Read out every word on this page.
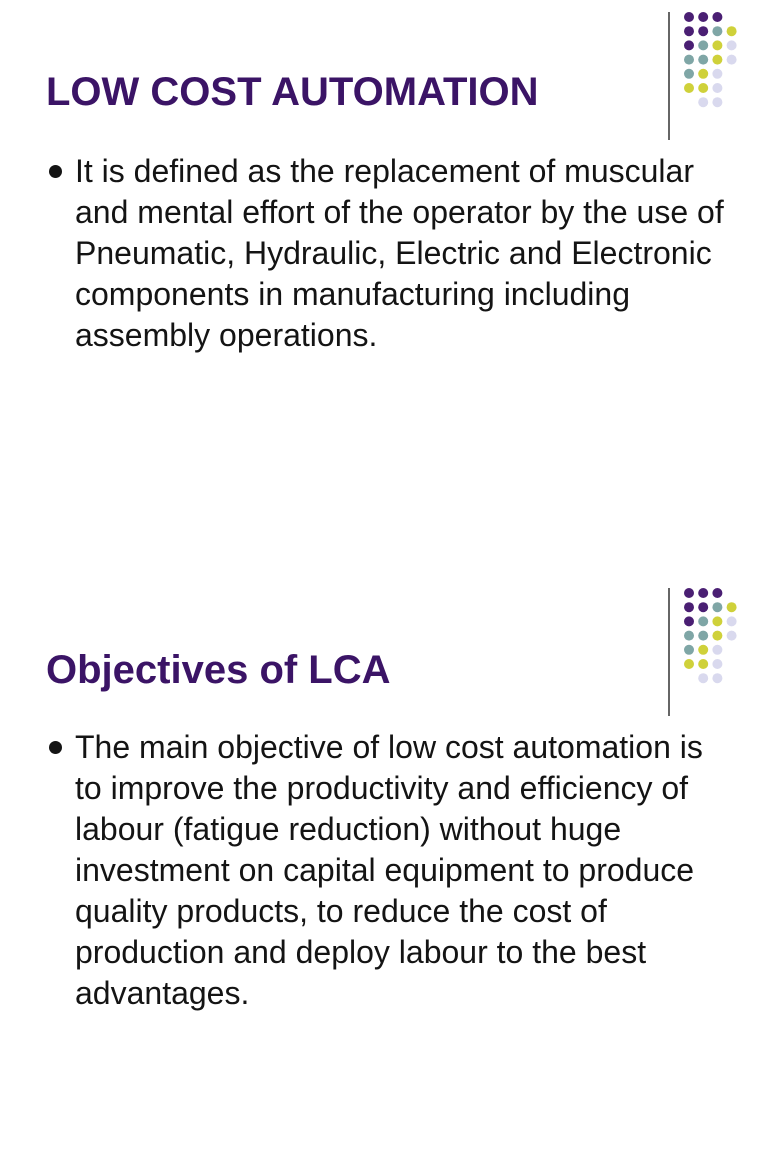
LOW COST AUTOMATION
It is defined as the replacement of muscular and mental effort of the operator by the use of Pneumatic, Hydraulic, Electric and Electronic components in manufacturing including assembly operations.
Objectives of LCA
The main objective of low cost automation is to improve the productivity and efficiency of labour (fatigue reduction) without huge investment on capital equipment to produce quality products, to reduce the cost of production and deploy labour to the best advantages.
